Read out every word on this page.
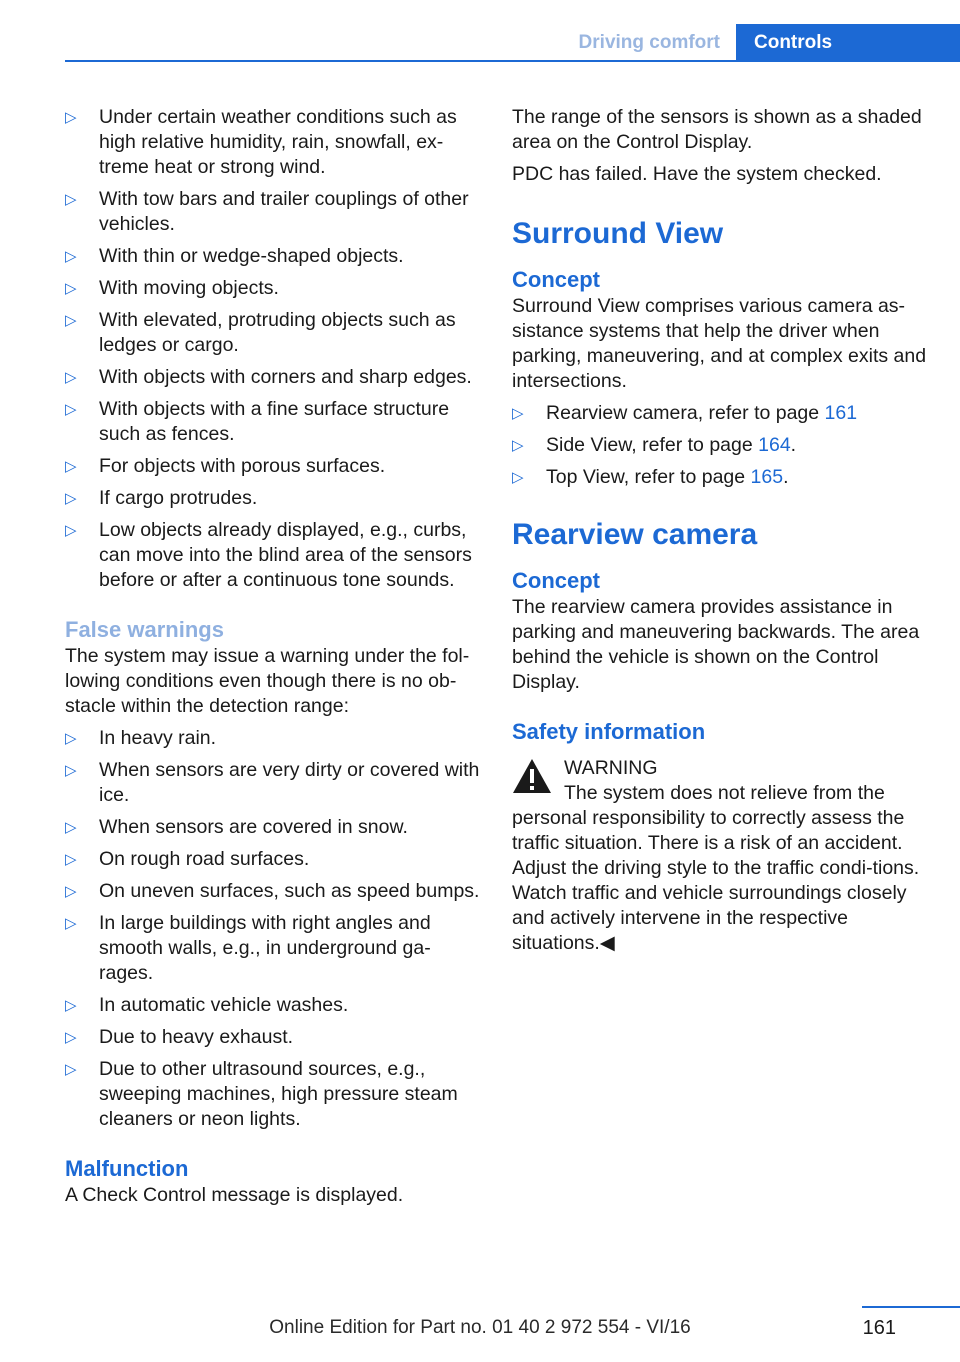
Driving comfort	Controls
▷ Under certain weather conditions such as high relative humidity, rain, snowfall, ex-treme heat or strong wind.
▷ With tow bars and trailer couplings of other vehicles.
▷ With thin or wedge-shaped objects.
▷ With moving objects.
▷ With elevated, protruding objects such as ledges or cargo.
▷ With objects with corners and sharp edges.
▷ With objects with a fine surface structure such as fences.
▷ For objects with porous surfaces.
▷ If cargo protrudes.
▷ Low objects already displayed, e.g., curbs, can move into the blind area of the sensors before or after a continuous tone sounds.
False warnings

The system may issue a warning under the fol-lowing conditions even though there is no ob-stacle within the detection range:

▷ In heavy rain.
▷ When sensors are very dirty or covered with ice.
▷ When sensors are covered in snow.
▷ On rough road surfaces.
▷ On uneven surfaces, such as speed bumps.
▷ In large buildings with right angles and smooth walls, e.g., in underground ga-rages.
▷ In automatic vehicle washes.
▷ Due to heavy exhaust.
▷ Due to other ultrasound sources, e.g., sweeping machines, high pressure steam cleaners or neon lights.
Malfunction

A Check Control message is displayed.

The range of the sensors is shown as a shaded area on the Control Display.

PDC has failed. Have the system checked.

Surround View
Concept

Surround View comprises various camera as-sistance systems that help the driver when parking, maneuvering, and at complex exits and intersections.

▷ Rearview camera, refer to page 161
▷ Side View, refer to page 164.
▷ Top View, refer to page 165.
Rearview camera
Concept

The rearview camera provides assistance in parking and maneuvering backwards. The area behind the vehicle is shown on the Control Display.

Safety information
WARNING

The system does not relieve from the personal responsibility to correctly assess the traffic situation. There is a risk of an accident. Adjust the driving style to the traffic condi-tions. Watch traffic and vehicle surroundings closely and actively intervene in the respective situations.◀

161
Online Edition for Part no. 01 40 2 972 554 - VI/16
